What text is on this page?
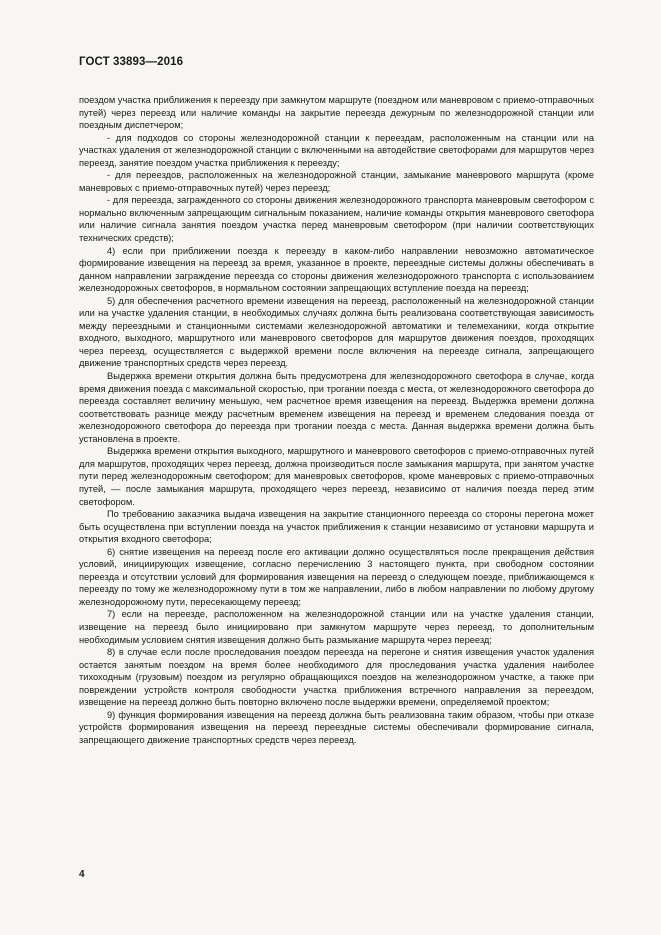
ГОСТ 33893—2016

поездом участка приближения к переезду при замкнутом маршруте (поездном или маневровом с приемо-отправочных путей) через переезд или наличие команды на закрытие переезда дежурным по железнодорожной станции или поездным диспетчером;

- для подходов со стороны железнодорожной станции к переездам, расположенным на станции или на участках удаления от железнодорожной станции с включенными на автодействие светофорами для маршрутов через переезд, занятие поездом участка приближения к переезду;

- для переездов, расположенных на железнодорожной станции, замыкание маневрового маршрута (кроме маневровых с приемо-отправочных путей) через переезд;

- для переезда, загражденного со стороны движения железнодорожного транспорта маневровым светофором с нормально включенным запрещающим сигнальным показанием, наличие команды открытия маневрового светофора или наличие сигнала занятия поездом участка перед маневровым светофором (при наличии соответствующих технических средств);

4) если при приближении поезда к переезду в каком-либо направлении невозможно автоматическое формирование извещения на переезд за время, указанное в проекте, переездные системы должны обеспечивать в данном направлении заграждение переезда со стороны движения железнодорожного транспорта с использованием железнодорожных светофоров, в нормальном состоянии запрещающих вступление поезда на переезд;

5) для обеспечения расчетного времени извещения на переезд, расположенный на железнодорожной станции или на участке удаления станции, в необходимых случаях должна быть реализована соответствующая зависимость между переездными и станционными системами железнодорожной автоматики и телемеханики, когда открытие входного, выходного, маршрутного или маневрового светофоров для маршрутов движения поездов, проходящих через переезд, осуществляется с выдержкой времени после включения на переезде сигнала, запрещающего движение транспортных средств через переезд.

Выдержка времени открытия должна быть предусмотрена для железнодорожного светофора в случае, когда время движения поезда с максимальной скоростью, при трогании поезда с места, от железнодорожного светофора до переезда составляет величину меньшую, чем расчетное время извещения на переезд. Выдержка времени должна соответствовать разнице между расчетным временем извещения на переезд и временем следования поезда от железнодорожного светофора до переезда при трогании поезда с места. Данная выдержка времени должна быть установлена в проекте.

Выдержка времени открытия выходного, маршрутного и маневрового светофоров с приемо-отправочных путей для маршрутов, проходящих через переезд, должна производиться после замыкания маршрута, при занятом участке пути перед железнодорожным светофором; для маневровых светофоров, кроме маневровых с приемо-отправочных путей, — после замыкания маршрута, проходящего через переезд, независимо от наличия поезда перед этим светофором.

По требованию заказчика выдача извещения на закрытие станционного переезда со стороны перегона может быть осуществлена при вступлении поезда на участок приближения к станции независимо от установки маршрута и открытия входного светофора;

6) снятие извещения на переезд после его активации должно осуществляться после прекращения действия условий, инициирующих извещение, согласно перечислению 3 настоящего пункта, при свободном состоянии переезда и отсутствии условий для формирования извещения на переезд о следующем поезде, приближающемся к переезду по тому же железнодорожному пути в том же направлении, либо в любом направлении по любому другому железнодорожному пути, пересекающему переезд;

7) если на переезде, расположенном на железнодорожной станции или на участке удаления станции, извещение на переезд было инициировано при замкнутом маршруте через переезд, то дополнительным необходимым условием снятия извещения должно быть размыкание маршрута через переезд;

8) в случае если после проследования поездом переезда на перегоне и снятия извещения участок удаления остается занятым поездом на время более необходимого для проследования участка удаления наиболее тихоходным (грузовым) поездом из регулярно обращающихся поездов на железнодорожном участке, а также при повреждении устройств контроля свободности участка приближения встречного направления за переездом, извещение на переезд должно быть повторно включено после выдержки времени, определяемой проектом;

9) функция формирования извещения на переезд должна быть реализована таким образом, чтобы при отказе устройств формирования извещения на переезд переездные системы обеспечивали формирование сигнала, запрещающего движение транспортных средств через переезд.

4
